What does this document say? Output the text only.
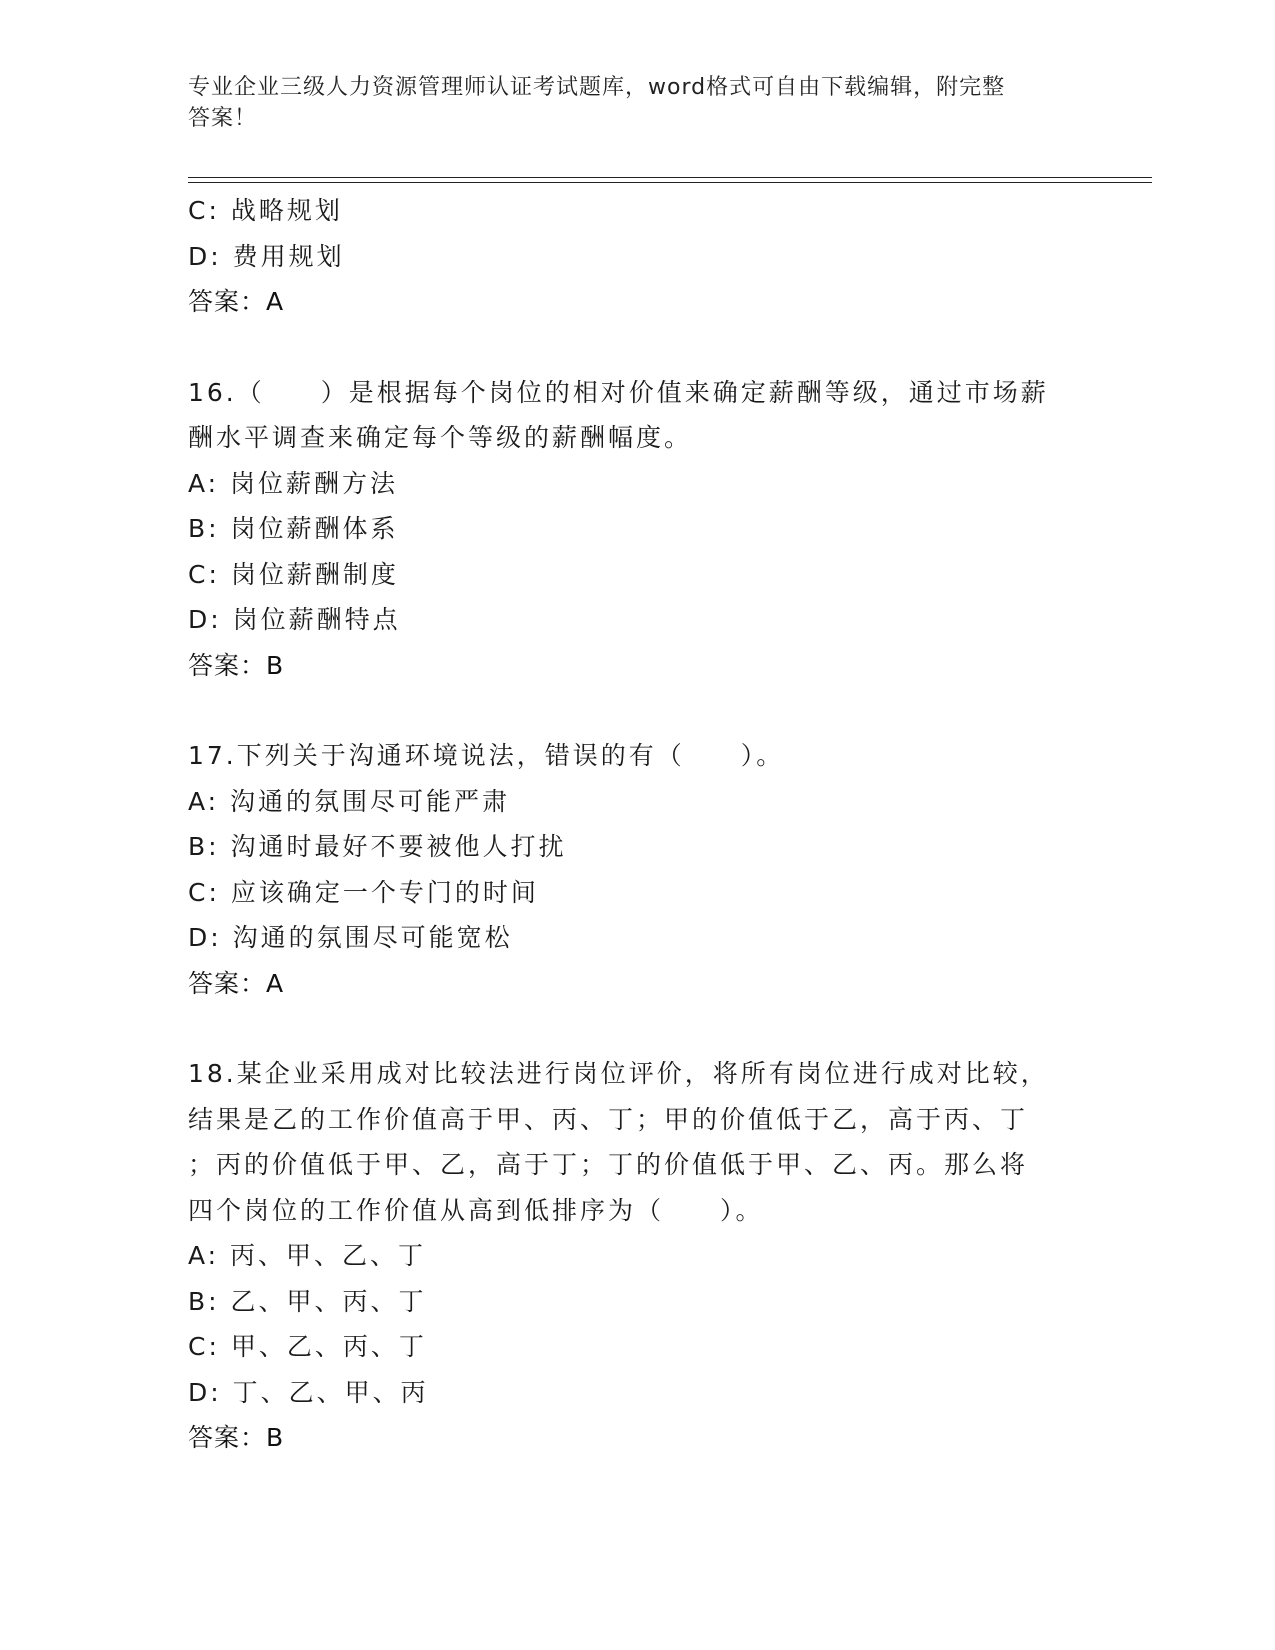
专业企业三级人力资源管理师认证考试题库，word格式可自由下载编辑，附完整
答案！
C: 战略规划
D: 费用规划
答案：A
16.（　　）是根据每个岗位的相对价值来确定薪酬等级，通过市场薪
酬水平调查来确定每个等级的薪酬幅度。
A: 岗位薪酬方法
B: 岗位薪酬体系
C: 岗位薪酬制度
D: 岗位薪酬特点
答案：B
17.下列关于沟通环境说法，错误的有（　　）。
A: 沟通的氛围尽可能严肃
B: 沟通时最好不要被他人打扰
C: 应该确定一个专门的时间
D: 沟通的氛围尽可能宽松
答案：A
18.某企业采用成对比较法进行岗位评价，将所有岗位进行成对比较，
结果是乙的工作价值高于甲、丙、丁；甲的价值低于乙，高于丙、丁
；丙的价值低于甲、乙，高于丁；丁的价值低于甲、乙、丙。那么将
四个岗位的工作价值从高到低排序为（　　）。
A: 丙、甲、乙、丁
B: 乙、甲、丙、丁
C: 甲、乙、丙、丁
D: 丁、乙、甲、丙
答案：B
